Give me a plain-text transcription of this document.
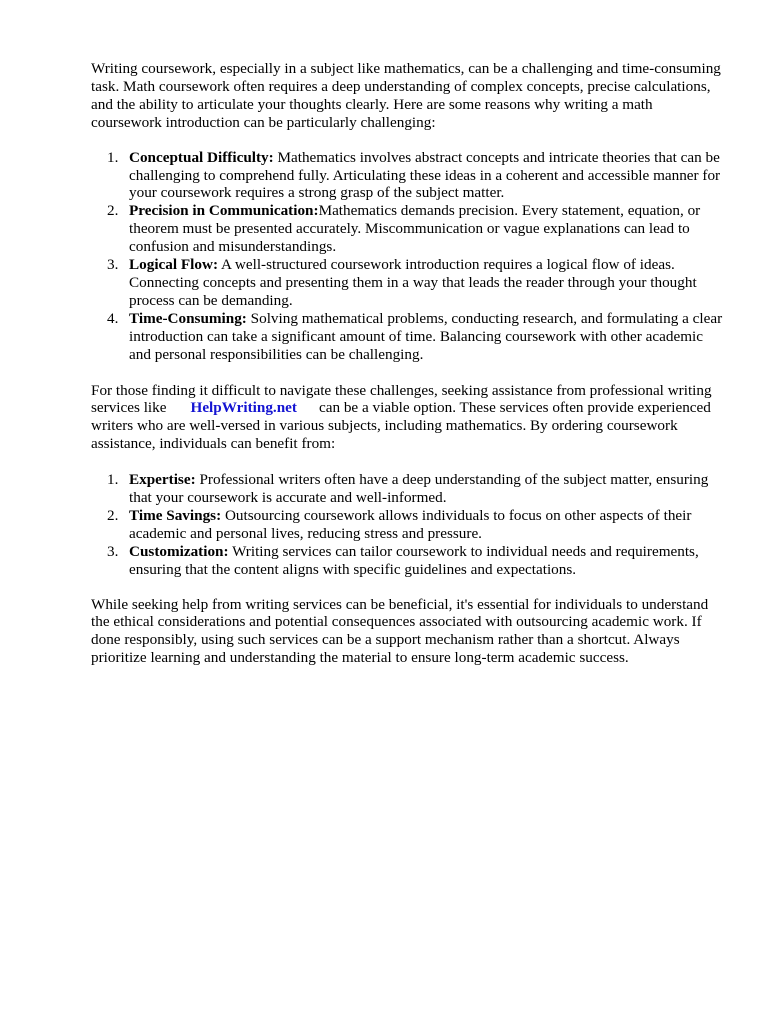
Writing coursework, especially in a subject like mathematics, can be a challenging and time-consuming task. Math coursework often requires a deep understanding of complex concepts, precise calculations, and the ability to articulate your thoughts clearly. Here are some reasons why writing a math coursework introduction can be particularly challenging:

1. Conceptual Difficulty: Mathematics involves abstract concepts and intricate theories that can be challenging to comprehend fully. Articulating these ideas in a coherent and accessible manner for your coursework requires a strong grasp of the subject matter.
2. Precision in Communication:Mathematics demands precision. Every statement, equation, or theorem must be presented accurately. Miscommunication or vague explanations can lead to confusion and misunderstandings.
3. Logical Flow: A well-structured coursework introduction requires a logical flow of ideas. Connecting concepts and presenting them in a way that leads the reader through your thought process can be demanding.
4. Time-Consuming: Solving mathematical problems, conducting research, and formulating a clear introduction can take a significant amount of time. Balancing coursework with other academic and personal responsibilities can be challenging.

For those finding it difficult to navigate these challenges, seeking assistance from professional writing services like HelpWriting.net can be a viable option. These services often provide experienced writers who are well-versed in various subjects, including mathematics. By ordering coursework assistance, individuals can benefit from:

1. Expertise: Professional writers often have a deep understanding of the subject matter, ensuring that your coursework is accurate and well-informed.
2. Time Savings: Outsourcing coursework allows individuals to focus on other aspects of their academic and personal lives, reducing stress and pressure.
3. Customization: Writing services can tailor coursework to individual needs and requirements, ensuring that the content aligns with specific guidelines and expectations.

While seeking help from writing services can be beneficial, it's essential for individuals to understand the ethical considerations and potential consequences associated with outsourcing academic work. If done responsibly, using such services can be a support mechanism rather than a shortcut. Always prioritize learning and understanding the material to ensure long-term academic success.
